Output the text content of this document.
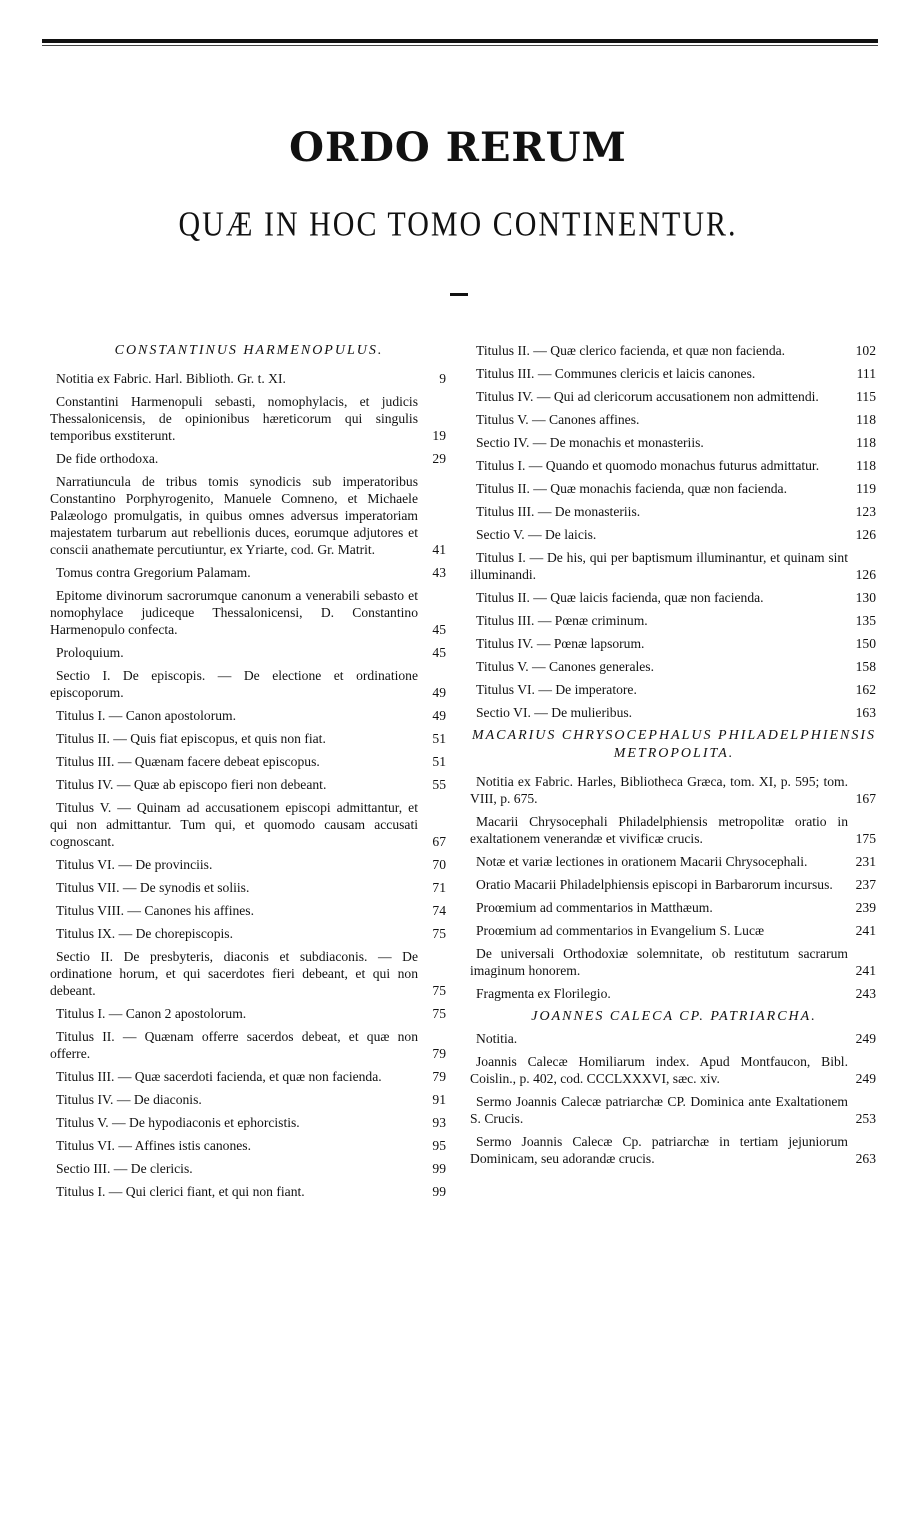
ORDO RERUM
QUÆ IN HOC TOMO CONTINENTUR.
CONSTANTINUS HARMENOPULUS.
Notitia ex Fabric. Harl. Biblioth. Gr. t. XI.	9
Constantini Harmenopuli sebasti, nomophylacis, et judicis Thessalonicensis, de opinionibus hæreticorum qui singulis temporibus exstiterunt.	19
De fide orthodoxa.	29
Narratiuncula de tribus tomis synodicis sub imperatoribus Constantino Porphyrogenito, Manuele Comneno, et Michaele Palæologo promulgatis, in quibus omnes adversus imperatoriam majestatem turbarum aut rebellionis duces, eorumque adjutores et conscii anathemate percutiuntur, ex Yriarte, cod. Gr. Matrit.	41
Tomus contra Gregorium Palamam.	43
Epitome divinorum sacrorumque canonum a venerabili sebasto et nomophylace judiceque Thessalonicensi, D. Constantino Harmenopulo confecta.	45
Proloquium.	45
Sectio I. De episcopis. — De electione et ordinatione episcoporum.	49
Titulus I. — Canon apostolorum.	49
Titulus II. — Quis fiat episcopus, et quis non fiat.	51
Titulus III. — Quænam facere debeat episcopus.	51
Titulus IV. — Quæ ab episcopo fieri non debeant.	55
Titulus V. — Quinam ad accusationem episcopi admittantur, et qui non admittantur. Tum qui, et quomodo causam accusati cognoscant.	67
Titulus VI. — De provinciis.	70
Titulus VII. — De synodis et soliis.	71
Titulus VIII. — Canones his affines.	74
Titulus IX. — De chorepiscopis.	75
Sectio II. De presbyteris, diaconis et subdiaconis. — De ordinatione horum, et qui sacerdotes fieri debeant, et qui non debeant.	75
Titulus I. — Canon 2 apostolorum.	75
Titulus II. — Quænam offerre sacerdos debeat, et quæ non offerre.	79
Titulus III. — Quæ sacerdoti facienda, et quæ non facienda.	79
Titulus IV. — De diaconis.	91
Titulus V. — De hypodiaconis et ephorcistis.	93
Titulus VI. — Affines istis canones.	95
Sectio III. — De clericis.	99
Titulus I. — Qui clerici fiant, et qui non fiant.	99
Titulus II. — Quæ clerico facienda, et quæ non facienda.	102
Titulus III. — Communes clericis et laicis canones.	111
Titulus IV. — Qui ad clericorum accusationem non admittendi.	115
Titulus V. — Canones affines.	118
Sectio IV. — De monachis et monasteriis.	118
Titulus I. — Quando et quomodo monachus futurus admittatur.	118
Titulus II. — Quæ monachis facienda, quæ non facienda.	119
Titulus III. — De monasteriis.	123
Sectio V. — De laicis.	126
Titulus I. — De his, qui per baptismum illuminantur, et quinam sint illuminandi.	126
Titulus II. — Quæ laicis facienda, quæ non facienda.	130
Titulus III. — Pœnæ criminum.	135
Titulus IV. — Pœnæ lapsorum.	150
Titulus V. — Canones generales.	158
Titulus VI. — De imperatore.	162
Sectio VI. — De mulieribus.	163
MACARIUS CHRYSOCEPHALUS PHILADELPHIENSIS METROPOLITA.
Notitia ex Fabric. Harles, Bibliotheca Græca, tom. XI, p. 595; tom. VIII, p. 675.	167
Macarii Chrysocephali Philadelphiensis metropolitæ oratio in exaltationem venerandæ et vivificæ crucis.	175
Notæ et variæ lectiones in orationem Macarii Chrysocephali.	231
Oratio Macarii Philadelphiensis episcopi in Barbarorum incursus.	237
Proœmium ad commentarios in Matthæum.	239
Proœmium ad commentarios in Evangelium S. Lucæ	241
De universali Orthodoxiæ solemnitate, ob restitutum sacrarum imaginum honorem.	241
Fragmenta ex Florilegio.	243
JOANNES CALECA CP. PATRIARCHA.
Notitia.	249
Joannis Calecæ Homiliarum index. Apud Montfaucon, Bibl. Coislin., p. 402, cod. CCCLXXXVI, sæc. xiv.	249
Sermo Joannis Calecæ patriarchæ CP. Dominica ante Exaltationem S. Crucis.	253
Sermo Joannis Calecæ Cp. patriarchæ in tertiam jejuniorum Dominicam, seu adorandæ crucis.	263
